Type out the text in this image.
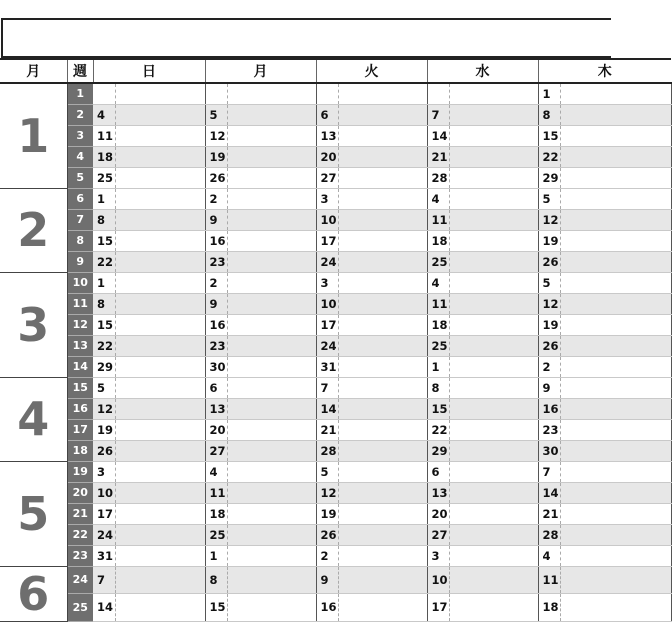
月	週	日		月		火		水		木	
1	1									1	
	2	4		5		6		7		8	
	3	11		12		13		14		15	
	4	18		19		20		21		22	
	5	25		26		27		28		29	
2	6	1		2		3		4		5	
	7	8		9		10		11		12	
	8	15		16		17		18		19	
	9	22		23		24		25		26	
3	10	1		2		3		4		5	
	11	8		9		10		11		12	
	12	15		16		17		18		19	
	13	22		23		24		25		26	
	14	29		30		31		1		2	
4	15	5		6		7		8		9	
	16	12		13		14		15		16	
	17	19		20		21		22		23	
	18	26		27		28		29		30	
5	19	3		4		5		6		7	
	20	10		11		12		13		14	
	21	17		18		19		20		21	
	22	24		25		26		27		28	
	23	31		1		2		3		4	
6	24	7		8		9		10		11	
	25	14		15		16		17		18	
